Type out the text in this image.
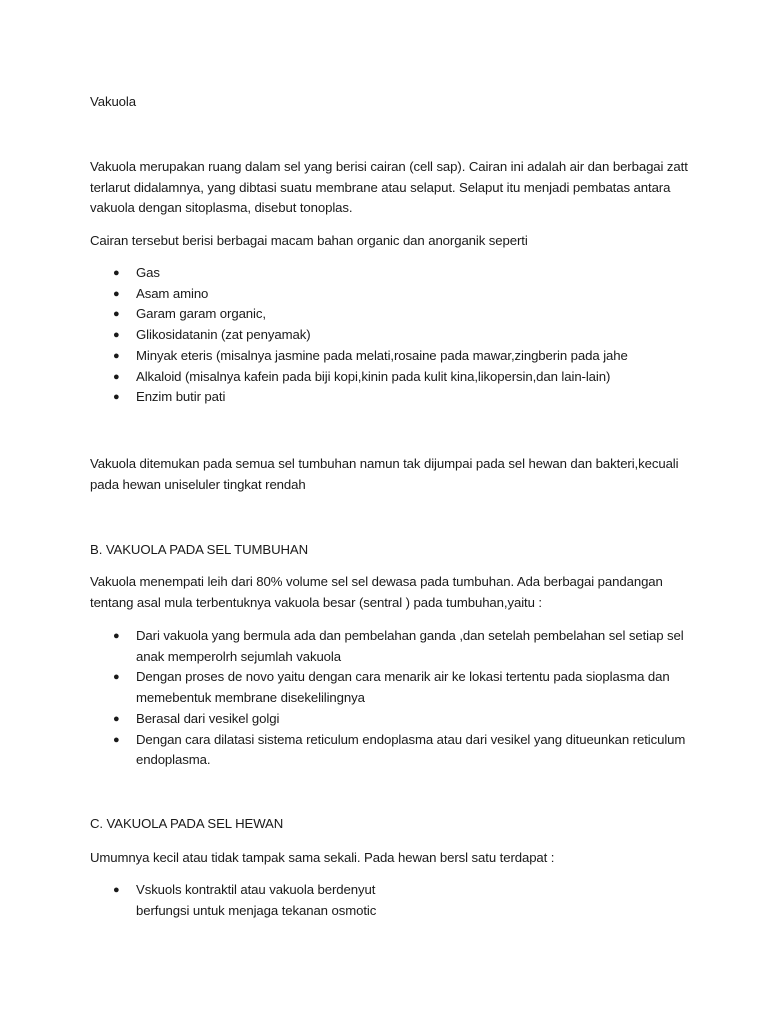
Vakuola

Vakuola merupakan ruang dalam sel yang berisi cairan (cell sap). Cairan ini adalah air dan berbagai zatt terlarut didalamnya, yang dibtasi suatu membrane atau selaput. Selaput itu menjadi pembatas antara vakuola dengan sitoplasma, disebut tonoplas.

Cairan tersebut berisi berbagai macam bahan organic dan anorganik seperti

● Gas
● Asam amino
● Garam garam organic,
● Glikosidatanin (zat penyamak)
● Minyak eteris (misalnya jasmine pada melati,rosaine pada mawar,zingberin pada jahe
● Alkaloid (misalnya kafein pada biji kopi,kinin pada kulit kina,likopersin,dan lain-lain)
● Enzim butir pati

Vakuola ditemukan pada semua sel tumbuhan namun tak dijumpai pada sel hewan dan bakteri,kecuali pada hewan uniseluler tingkat rendah

B. VAKUOLA PADA SEL TUMBUHAN

Vakuola menempati leih dari 80% volume sel sel dewasa pada tumbuhan. Ada berbagai pandangan tentang asal mula terbentuknya vakuola besar (sentral ) pada tumbuhan,yaitu :

● Dari vakuola yang bermula ada dan pembelahan ganda ,dan setelah pembelahan sel setiap sel anak memperolrh sejumlah vakuola
● Dengan proses de novo yaitu dengan cara menarik air ke lokasi tertentu pada sioplasma dan memebentuk membrane disekelilingnya
● Berasal dari vesikel golgi
● Dengan cara dilatasi sistema reticulum endoplasma atau dari vesikel yang ditueunkan reticulum endoplasma.

C. VAKUOLA PADA SEL HEWAN

Umumnya kecil atau tidak tampak sama sekali. Pada hewan bersl satu terdapat :

● Vskuols kontraktil atau vakuola berdenyut
berfungsi untuk menjaga tekanan osmotic
